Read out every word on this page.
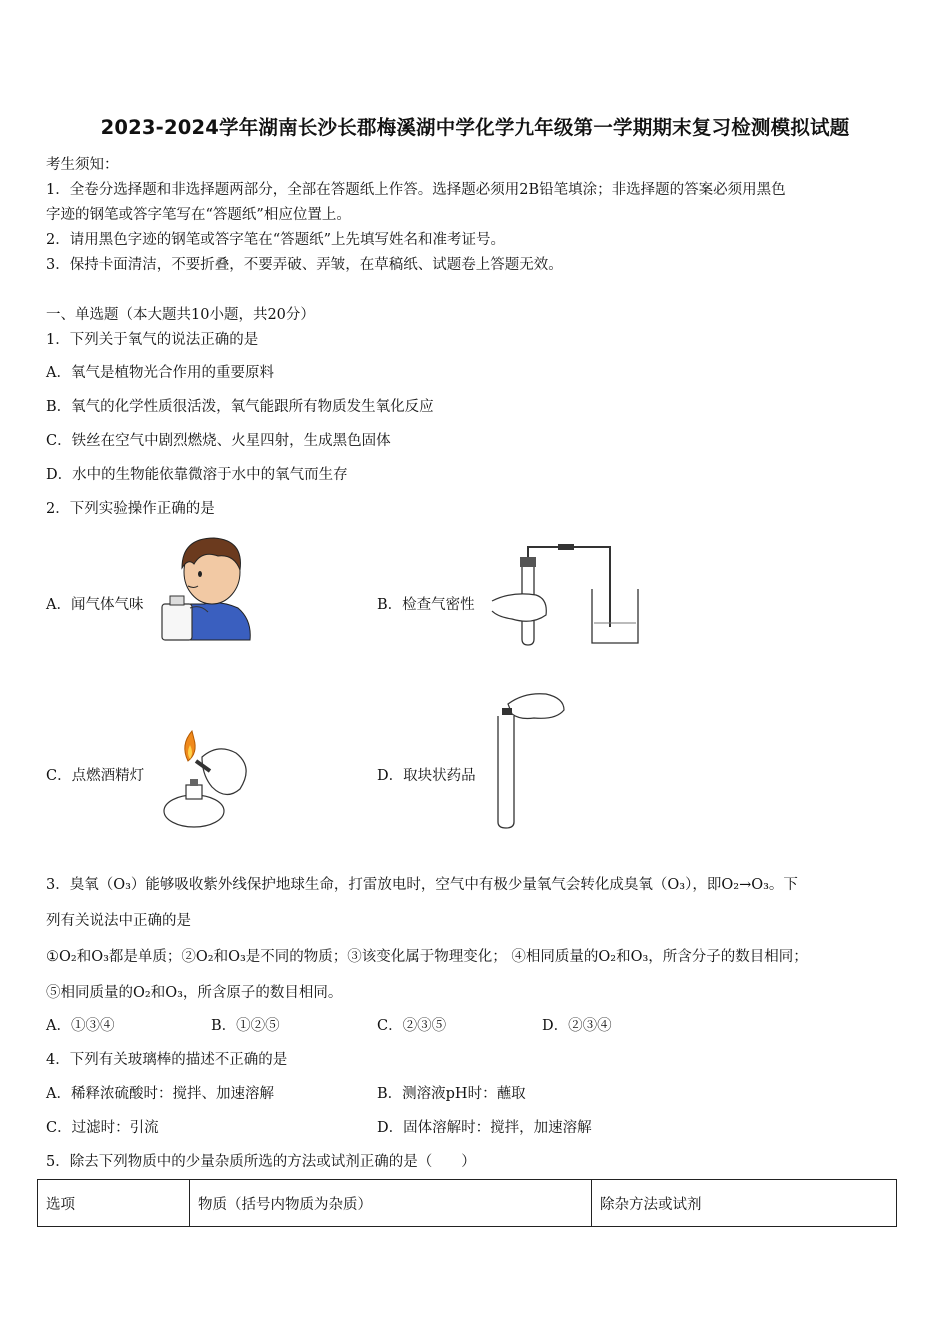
2023-2024学年湖南长沙长郡梅溪湖中学化学九年级第一学期期末复习检测模拟试题
考生须知：
1．全卷分选择题和非选择题两部分，全部在答题纸上作答。选择题必须用2B铅笔填涂；非选择题的答案必须用黑色
字迹的钢笔或答字笔写在“答题纸”相应位置上。
2．请用黑色字迹的钢笔或答字笔在“答题纸”上先填写姓名和准考证号。
3．保持卡面清洁，不要折叠，不要弄破、弄皱，在草稿纸、试题卷上答题无效。
一、单选题（本大题共10小题，共20分）
1．下列关于氧气的说法正确的是
A．氧气是植物光合作用的重要原料
B．氧气的化学性质很活泼，氧气能跟所有物质发生氧化反应
C．铁丝在空气中剧烈燃烧、火星四射，生成黑色固体
D．水中的生物能依靠微溶于水中的氧气而生存
2．下列实验操作正确的是
A．闻气体气味	B．检查气密性
C．点燃酒精灯	D．取块状药品
3．臭氧（O₃）能够吸收紫外线保护地球生命，打雷放电时，空气中有极少量氧气会转化成臭氧（O₃），即O₂→O₃。下
列有关说法中正确的是
①O₂和O₃都是单质；②O₂和O₃是不同的物质；③该变化属于物理变化； ④相同质量的O₂和O₃，所含分子的数目相同；
⑤相同质量的O₂和O₃，所含原子的数目相同。
A．①③④	B．①②⑤	C．②③⑤	D．②③④
4．下列有关玻璃棒的描述不正确的是
A．稀释浓硫酸时：搅拌、加速溶解	B．测溶液pH时：蘸取
C．过滤时：引流	D．固体溶解时：搅拌，加速溶解
5．除去下列物质中的少量杂质所选的方法或试剂正确的是（　　）
选项	物质（括号内物质为杂质）	除杂方法或试剂
